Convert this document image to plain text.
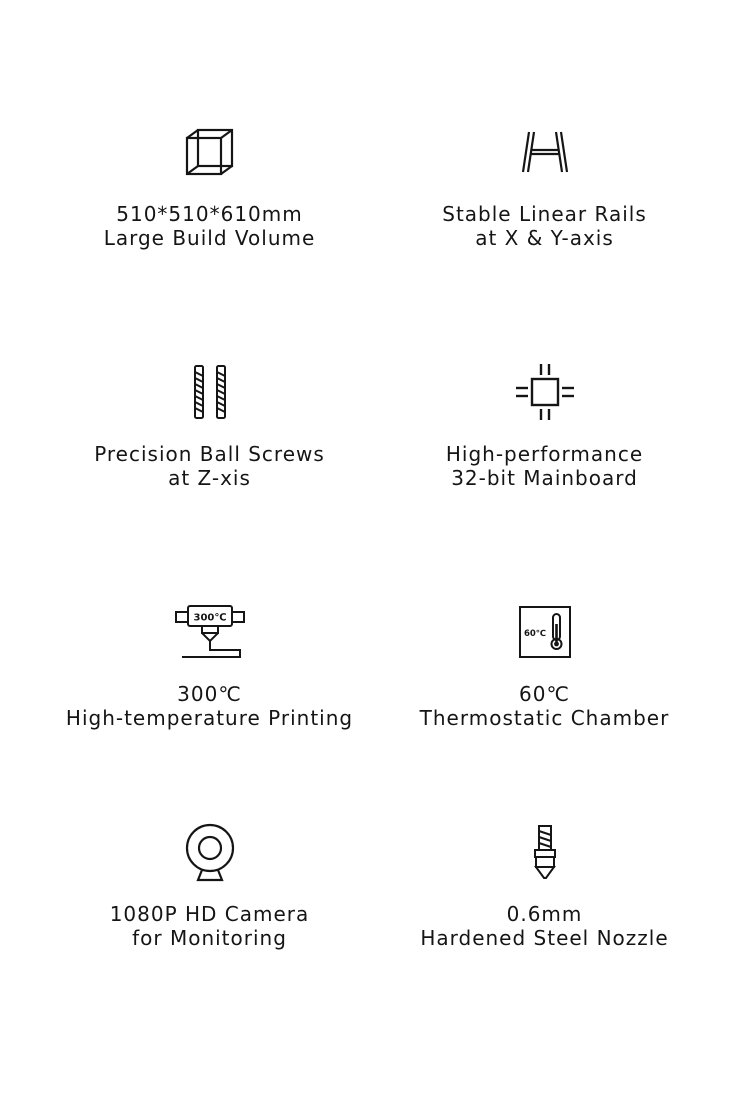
510*510*610mm
Large Build Volume
Stable Linear Rails
at X & Y-axis
Precision Ball Screws
at Z-xis
High-performance
32-bit Mainboard
300℃
300℃
High-temperature Printing
60℃
60℃
Thermostatic Chamber
1080P HD Camera
for Monitoring
0.6mm
Hardened Steel Nozzle
